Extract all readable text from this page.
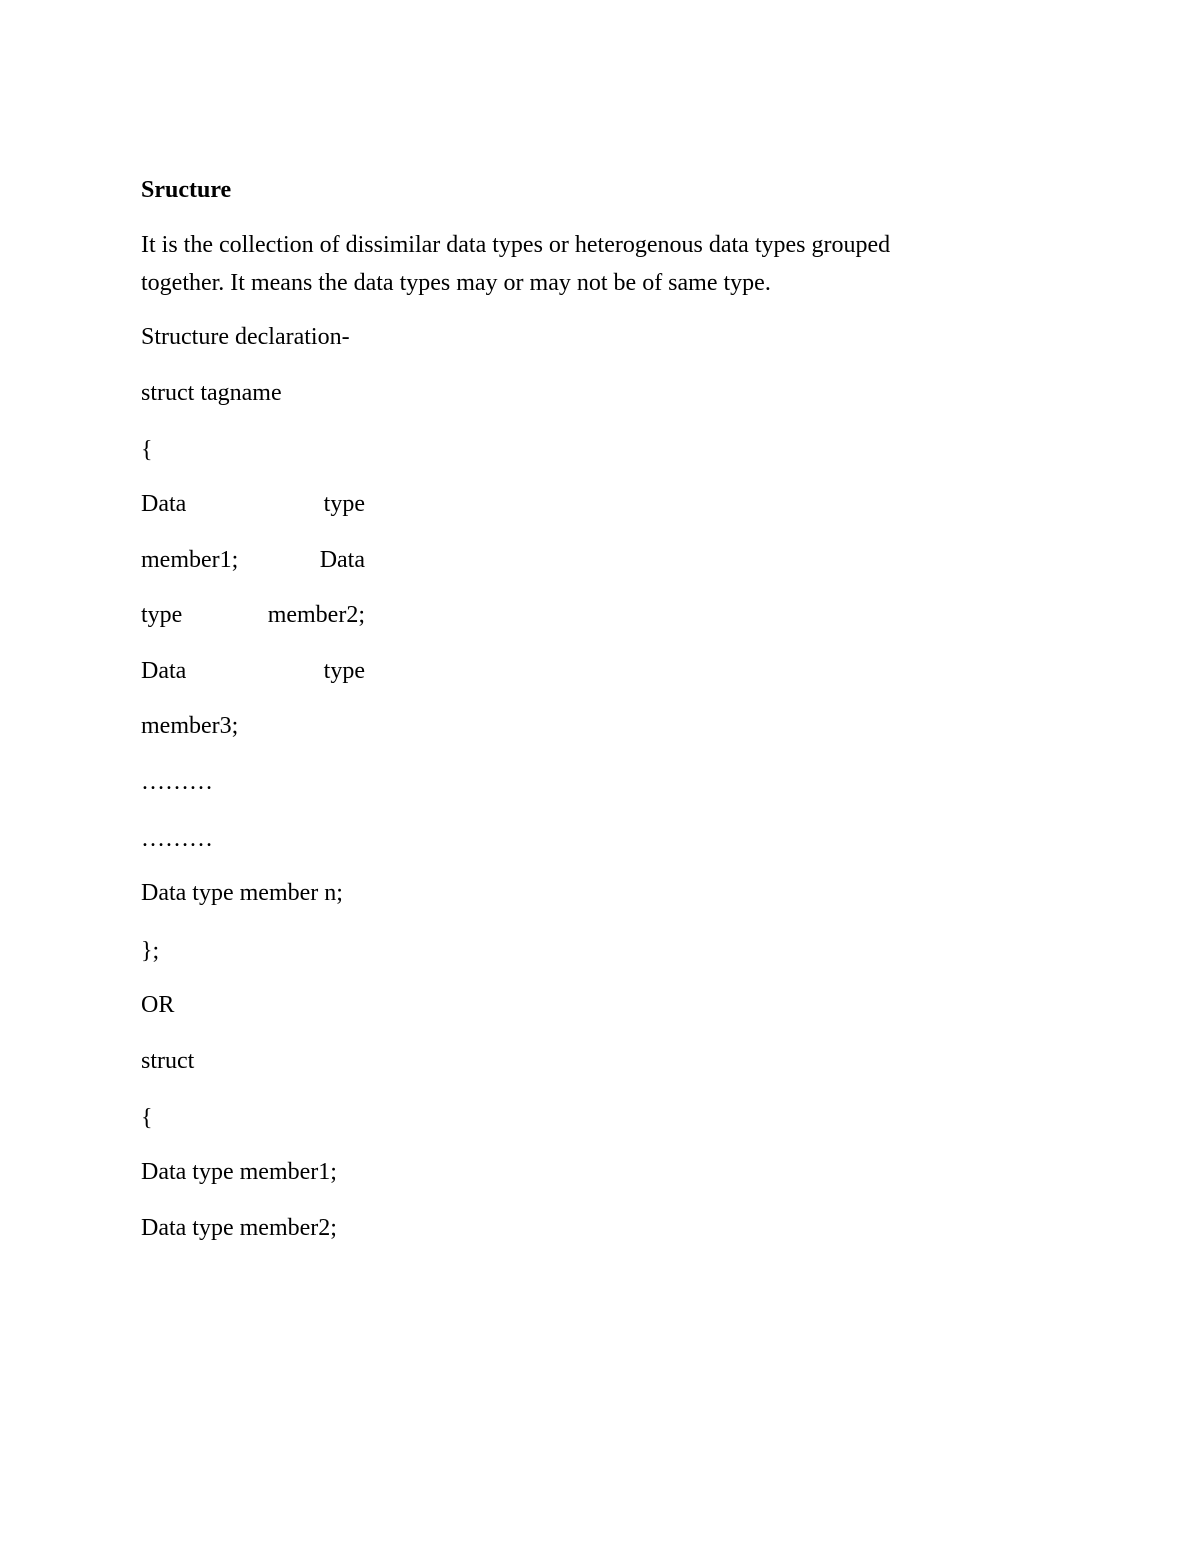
Sructure
It is the collection of dissimilar data types or heterogenous data types grouped
together. It means the data types may or may not be of same type.
Structure declaration-
struct tagname
{
Data	type
member1;	Data
type	member2;
Data	type
member3;
………
………
Data type member n;
};
OR
struct
{
Data type member1;
Data type member2;
